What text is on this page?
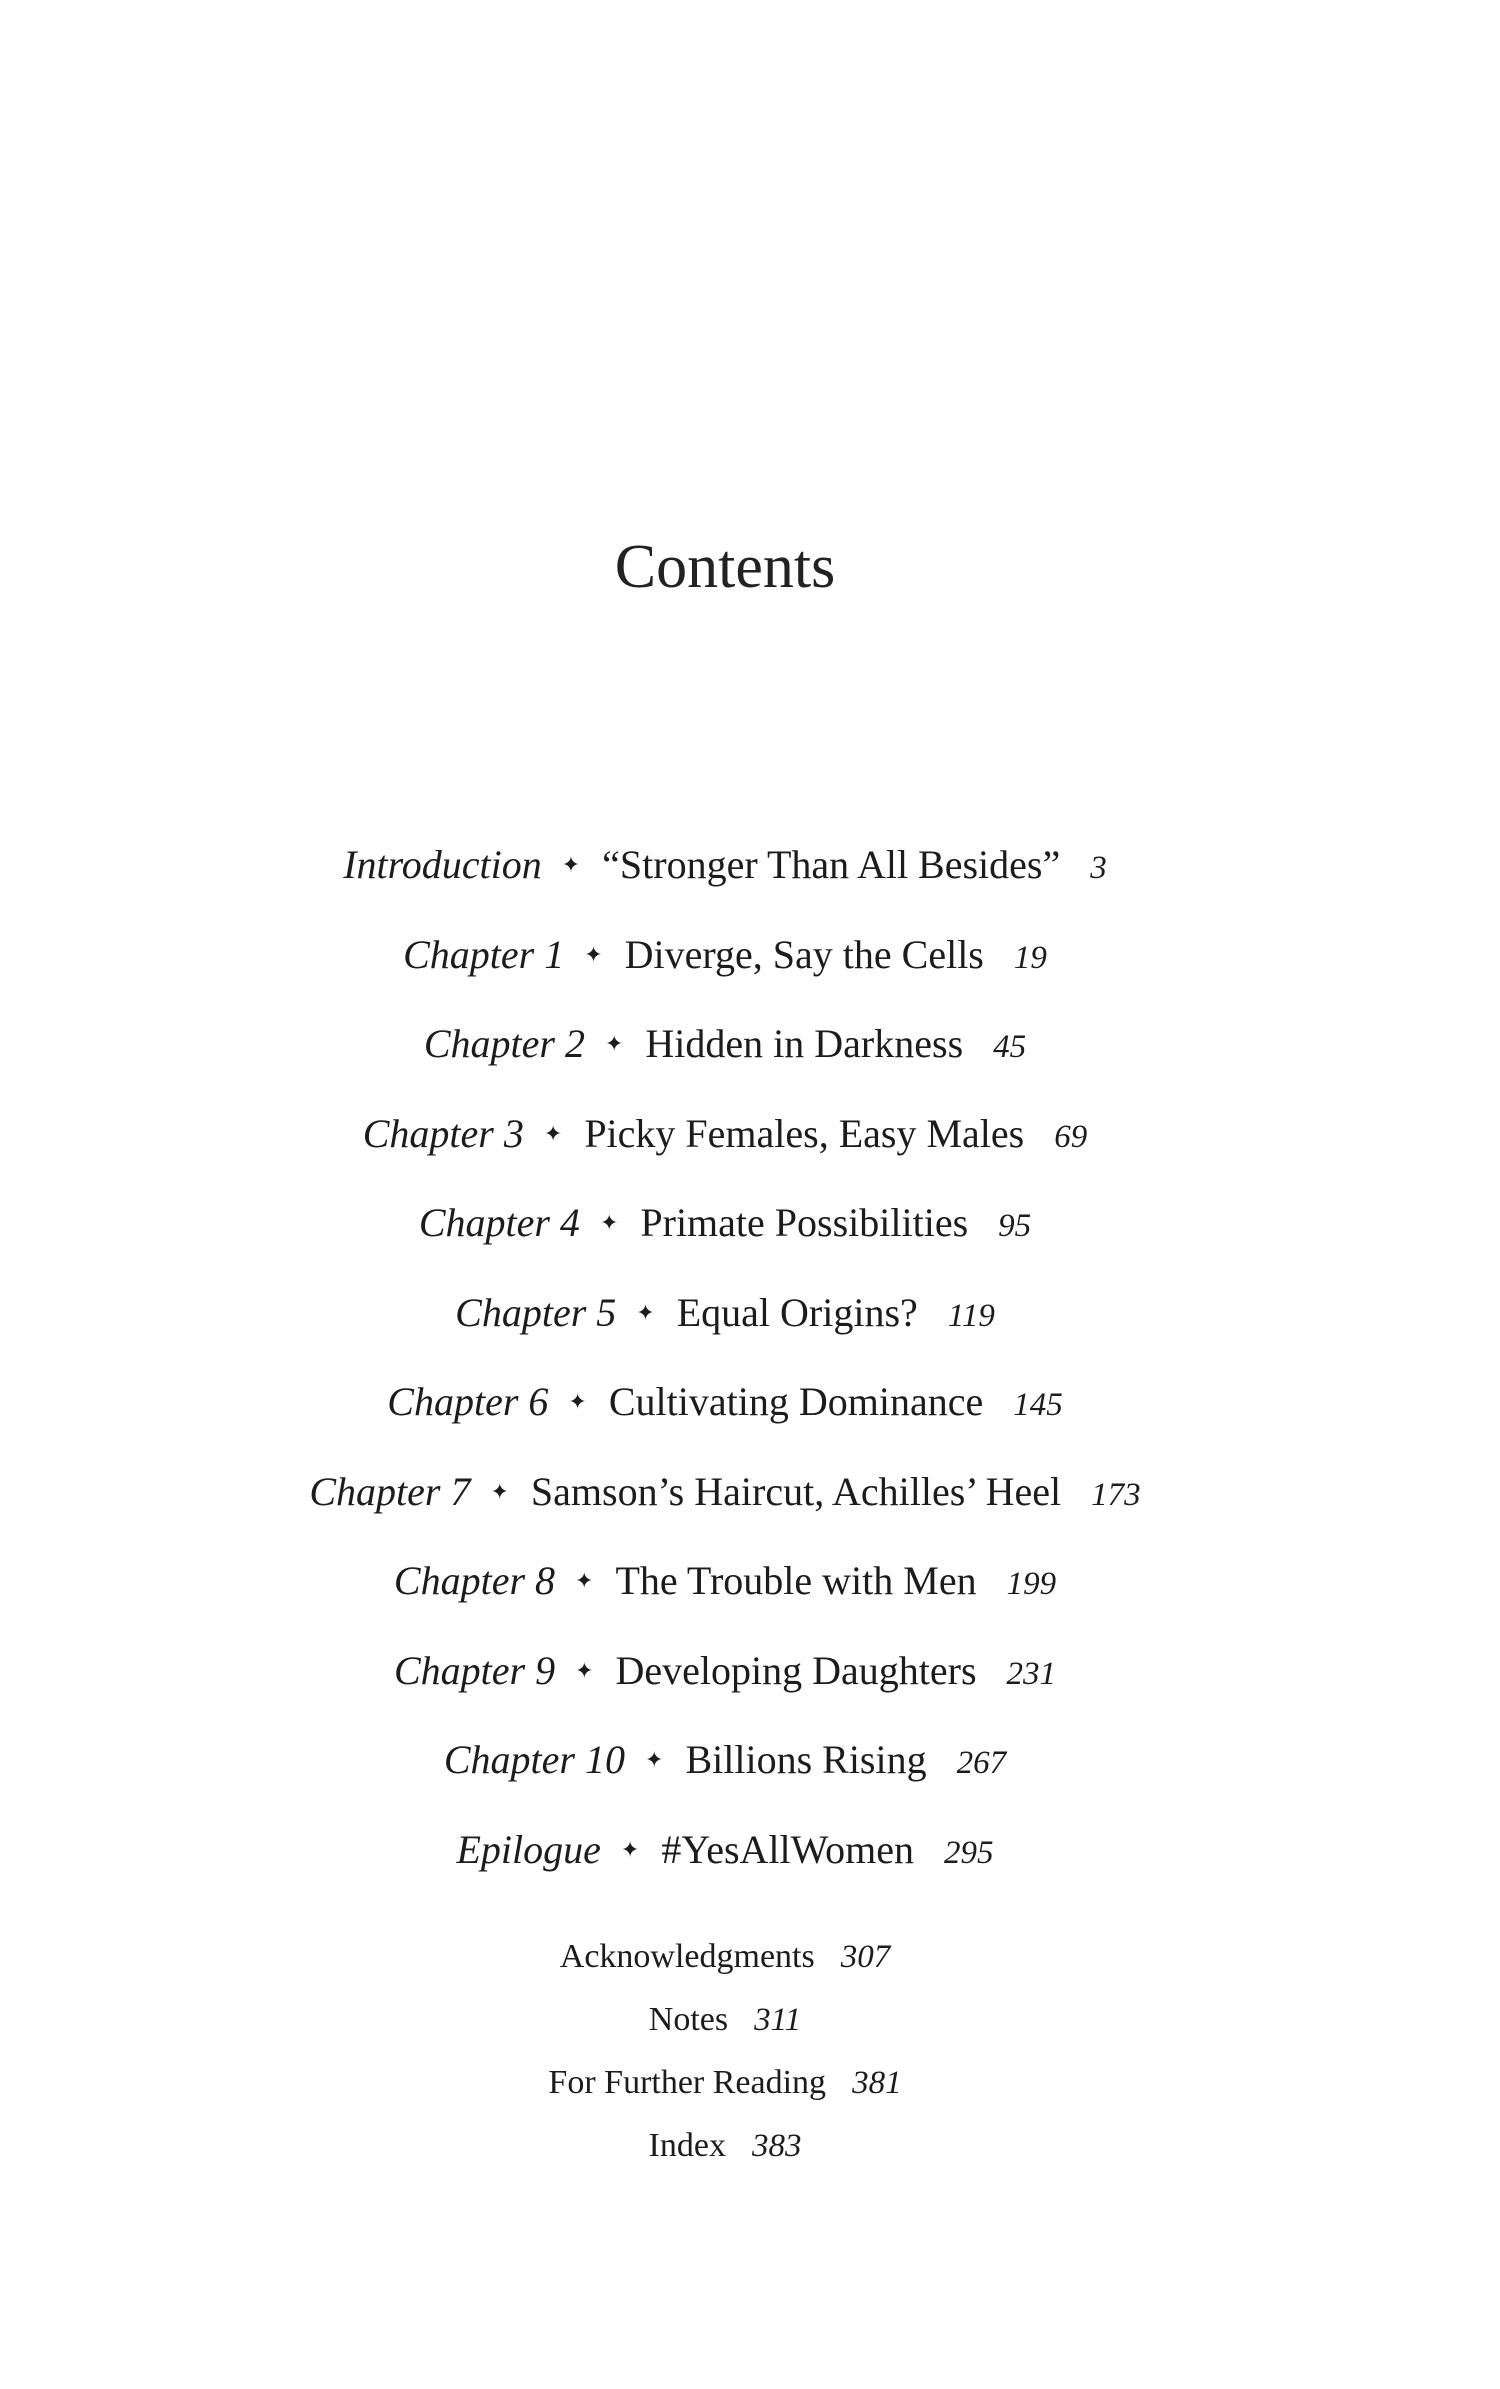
Contents
Introduction ✦ “Stronger Than All Besides” 3
Chapter 1 ✦ Diverge, Say the Cells 19
Chapter 2 ✦ Hidden in Darkness 45
Chapter 3 ✦ Picky Females, Easy Males 69
Chapter 4 ✦ Primate Possibilities 95
Chapter 5 ✦ Equal Origins? 119
Chapter 6 ✦ Cultivating Dominance 145
Chapter 7 ✦ Samson’s Haircut, Achilles’ Heel 173
Chapter 8 ✦ The Trouble with Men 199
Chapter 9 ✦ Developing Daughters 231
Chapter 10 ✦ Billions Rising 267
Epilogue ✦ #YesAllWomen 295
Acknowledgments 307
Notes 311
For Further Reading 381
Index 383
